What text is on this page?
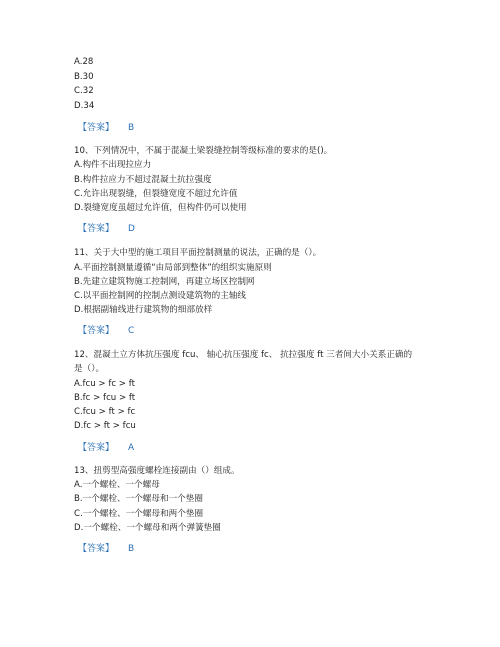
A.28
B.30
C.32
D.34
【答案】 B
10、下列情况中，不属于混凝土梁裂缝控制等级标准的要求的是()。
A.构件不出现拉应力
B.构件拉应力不超过混凝土抗拉强度
C.允许出现裂缝，但裂缝宽度不超过允许值
D.裂缝宽度虽超过允许值，但构件仍可以使用
【答案】 D
11、关于大中型的施工项目平面控制测量的说法，正确的是（）。
A.平面控制测量遵循“由局部到整体”的组织实施原则
B.先建立建筑物施工控制网，再建立场区控制网
C.以平面控制网的控制点测设建筑物的主轴线
D.根据副轴线进行建筑物的细部放样
【答案】 C
12、混凝土立方体抗压强度 fcu、 轴心抗压强度 fc、 抗拉强度 ft 三者间大小关系正确的
是（）。
A.fcu > fc > ft
B.fc > fcu > ft
C.fcu > ft > fc
D.fc > ft > fcu
【答案】 A
13、扭剪型高强度螺栓连接副由（）组成。
A.一个螺栓、一个螺母
B.一个螺栓、一个螺母和一个垫圈
C.一个螺栓、一个螺母和两个垫圈
D.一个螺栓、一个螺母和两个弹簧垫圈
【答案】 B
